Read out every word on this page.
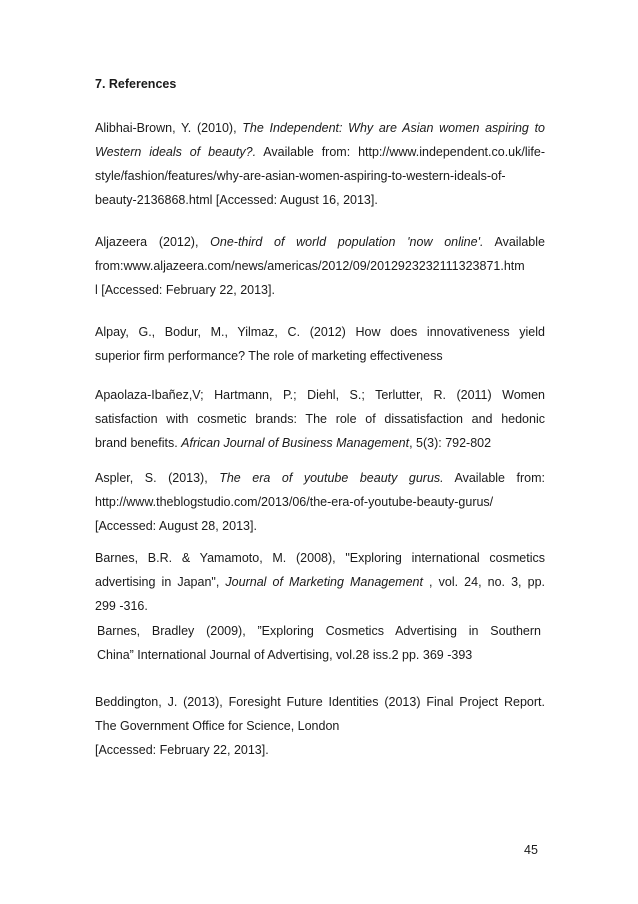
7. References
Alibhai-Brown, Y. (2010), The Independent: Why are Asian women aspiring to
Western ideals of beauty?. Available from: http://www.independent.co.uk/life-
style/fashion/features/why-are-asian-women-aspiring-to-western-ideals-of-
beauty-2136868.html [Accessed: August 16, 2013].
Aljazeera (2012), One-third of world population 'now online'. Available
from:www.aljazeera.com/news/americas/2012/09/2012923232111323871.htm
l [Accessed: February 22, 2013].
Alpay, G., Bodur, M., Yilmaz, C. (2012) How does innovativeness yield
superior firm performance? The role of marketing effectiveness
Apaolaza-Ibañez,V; Hartmann, P.; Diehl, S.; Terlutter, R. (2011) Women
satisfaction with cosmetic brands: The role of dissatisfaction and hedonic
brand benefits. African Journal of Business Management, 5(3): 792-802
Aspler, S. (2013), The era of youtube beauty gurus. Available from:
http://www.theblogstudio.com/2013/06/the-era-of-youtube-beauty-gurus/
[Accessed: August 28, 2013].
Barnes, B.R. & Yamamoto, M. (2008), "Exploring international cosmetics
advertising in Japan", Journal of Marketing Management , vol. 24, no. 3, pp.
299 -316.
Barnes, Bradley (2009), ”Exploring Cosmetics Advertising in Southern
China” International Journal of Advertising, vol.28 iss.2 pp. 369 -393
Beddington, J. (2013), Foresight Future Identities (2013) Final Project Report.
The Government Office for Science, London
[Accessed: February 22, 2013].

45
